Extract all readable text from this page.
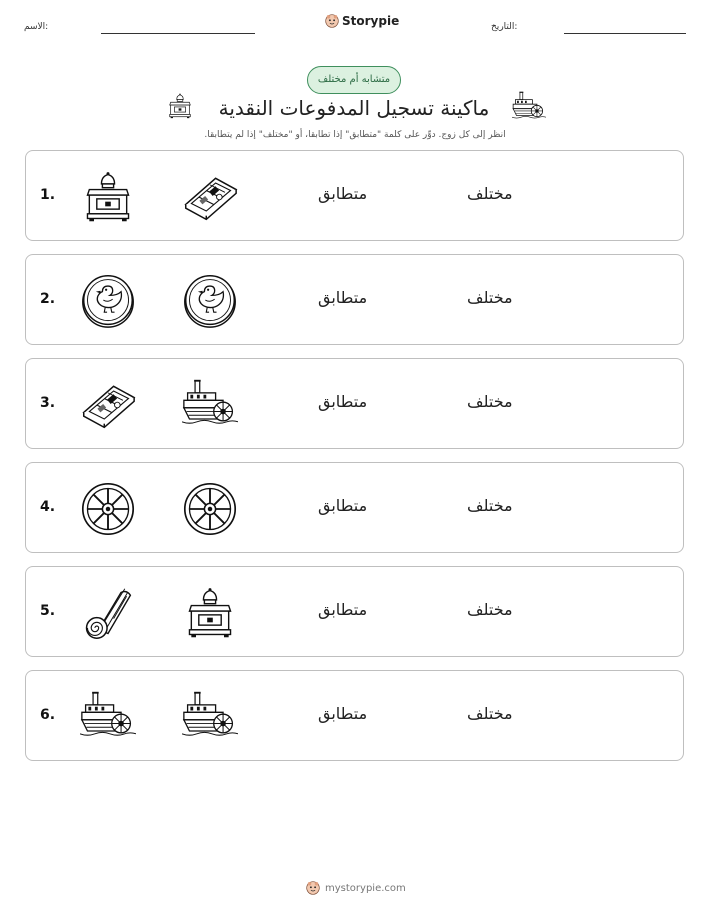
الاسم:	Storypie	التاريخ:
متشابه أم مختلف
ماكينة تسجيل المدفوعات النقدية
انظر إلى كل زوج. دوِّر على كلمة "متطابق" إذا تطابقا، أو "مختلف" إذا لم يتطابقا.
1.	متطابق	مختلف
2.	متطابق	مختلف
3.	متطابق	مختلف
4.	متطابق	مختلف
5.	متطابق	مختلف
6.	متطابق	مختلف
mystorypie.com
